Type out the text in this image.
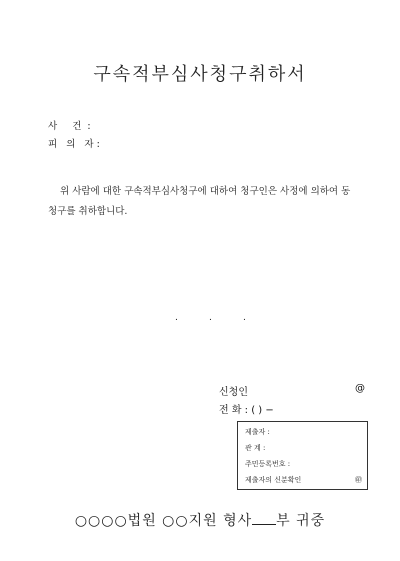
구속적부심사청구취하서
사 건:
피 의 자:
위 사람에 대한 구속적부심사청구에 대하여 청구인은 사정에 의하여 동
청구를 취하합니다.
.	.	.
신청인	@
전 화 : ( ) −
제출자 :
관 계 :
주민등록번호 :
제출자의 신분확인	㊞
○○○○법원 ○○지원 형사 부 귀중
